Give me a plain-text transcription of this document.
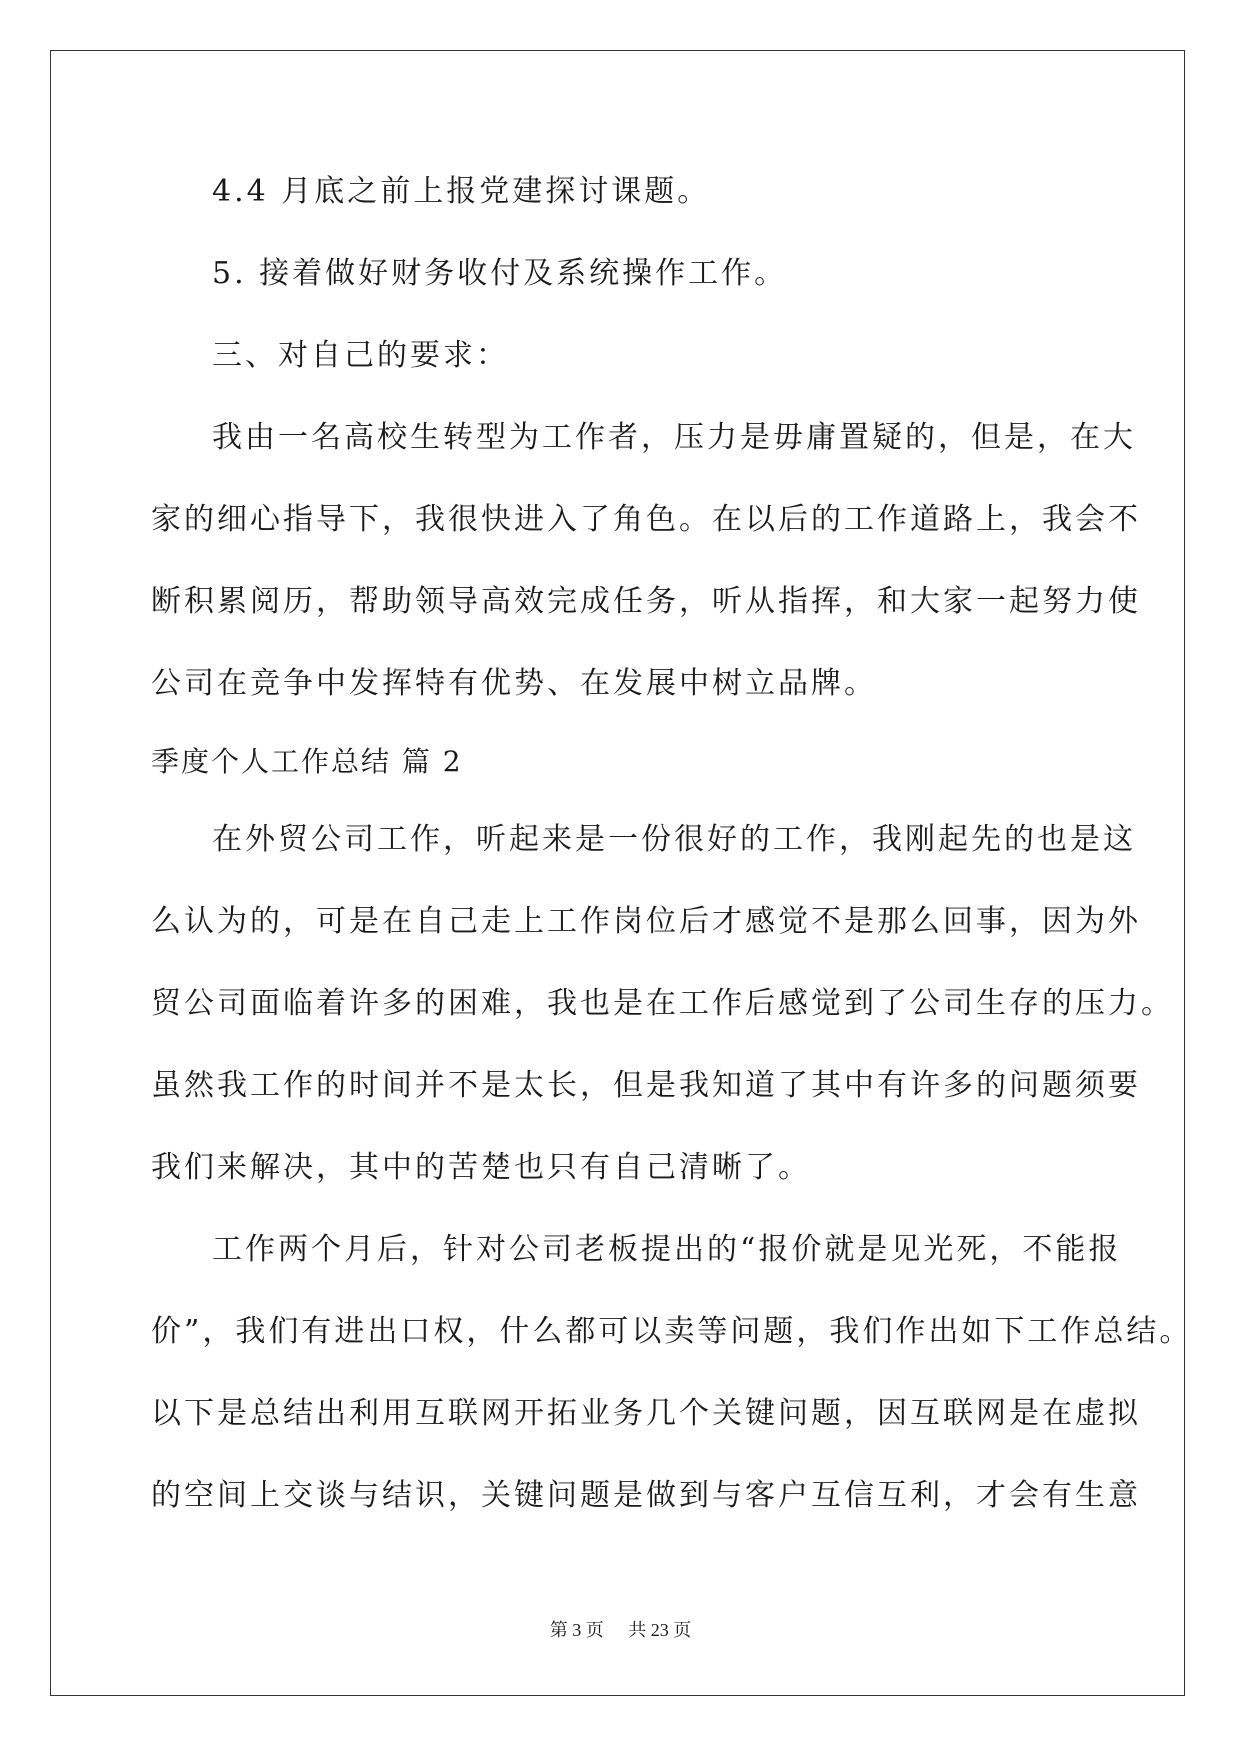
4.4 月底之前上报党建探讨课题。

5. 接着做好财务收付及系统操作工作。

三、对自己的要求：

我由一名高校生转型为工作者，压力是毋庸置疑的，但是，在大

家的细心指导下，我很快进入了角色。在以后的工作道路上，我会不

断积累阅历，帮助领导高效完成任务，听从指挥，和大家一起努力使

公司在竞争中发挥特有优势、在发展中树立品牌。

季度个人工作总结 篇 2

在外贸公司工作，听起来是一份很好的工作，我刚起先的也是这

么认为的，可是在自己走上工作岗位后才感觉不是那么回事，因为外

贸公司面临着许多的困难，我也是在工作后感觉到了公司生存的压力。

虽然我工作的时间并不是太长，但是我知道了其中有许多的问题须要

我们来解决，其中的苦楚也只有自己清晰了。

工作两个月后，针对公司老板提出的“报价就是见光死，不能报

价”，我们有进出口权，什么都可以卖等问题，我们作出如下工作总结。

以下是总结出利用互联网开拓业务几个关键问题，因互联网是在虚拟

的空间上交谈与结识，关键问题是做到与客户互信互利，才会有生意

第 3 页 共 23 页
